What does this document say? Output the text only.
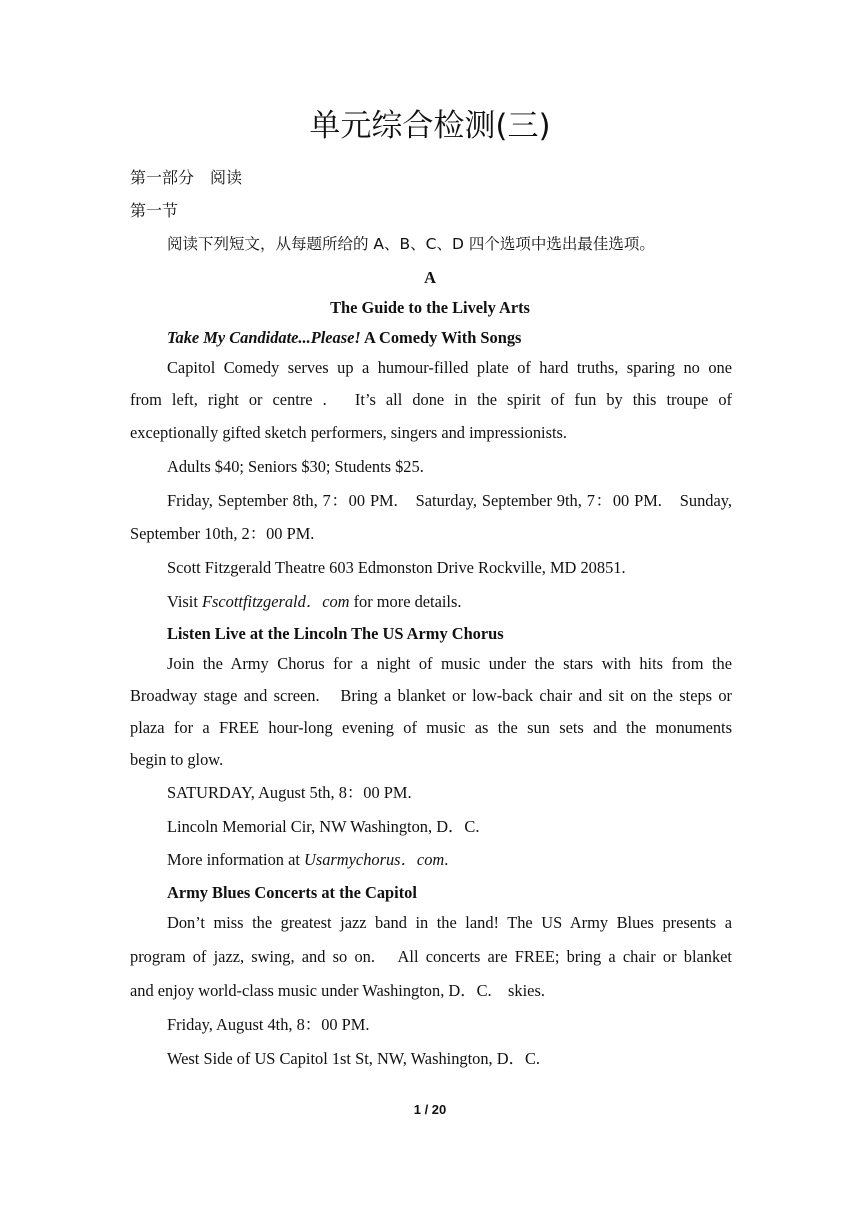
单元综合检测(三)
第一部分　阅读
第一节
阅读下列短文，从每题所给的 A、B、C、D 四个选项中选出最佳选项。
A
The Guide to the Lively Arts
Take My Candidate...Please! A Comedy With Songs
Capitol Comedy serves up a humour-filled plate of hard truths, sparing no one
from left, right or centre .　It’s all done in the spirit of fun by this troupe of
exceptionally gifted sketch performers, singers and impressionists.
Adults $40; Seniors $30; Students $25.
Friday, September 8th, 7：00 PM.　Saturday, September 9th, 7：00 PM.　Sunday,
September 10th, 2：00 PM.
Scott Fitzgerald Theatre 603 Edmonston Drive Rockville, MD 20851.
Visit Fscottfitzgerald．com for more details.
Listen Live at the Lincoln The US Army Chorus
Join the Army Chorus for a night of music under the stars with hits from the
Broadway stage and screen.　Bring a blanket or low-back chair and sit on the steps or
plaza for a FREE hour-long evening of music as the sun sets and the monuments
begin to glow.
SATURDAY, August 5th, 8：00 PM.
Lincoln Memorial Cir, NW Washington, D．C.
More information at Usarmychorus．com.
Army Blues Concerts at the Capitol
Don’t miss the greatest jazz band in the land! The US Army Blues presents a
program of jazz, swing, and so on.　All concerts are FREE; bring a chair or blanket
and enjoy world-class music under Washington, D．C.　skies.
Friday, August 4th, 8：00 PM.
West Side of US Capitol 1st St, NW, Washington, D．C.
1 / 20
